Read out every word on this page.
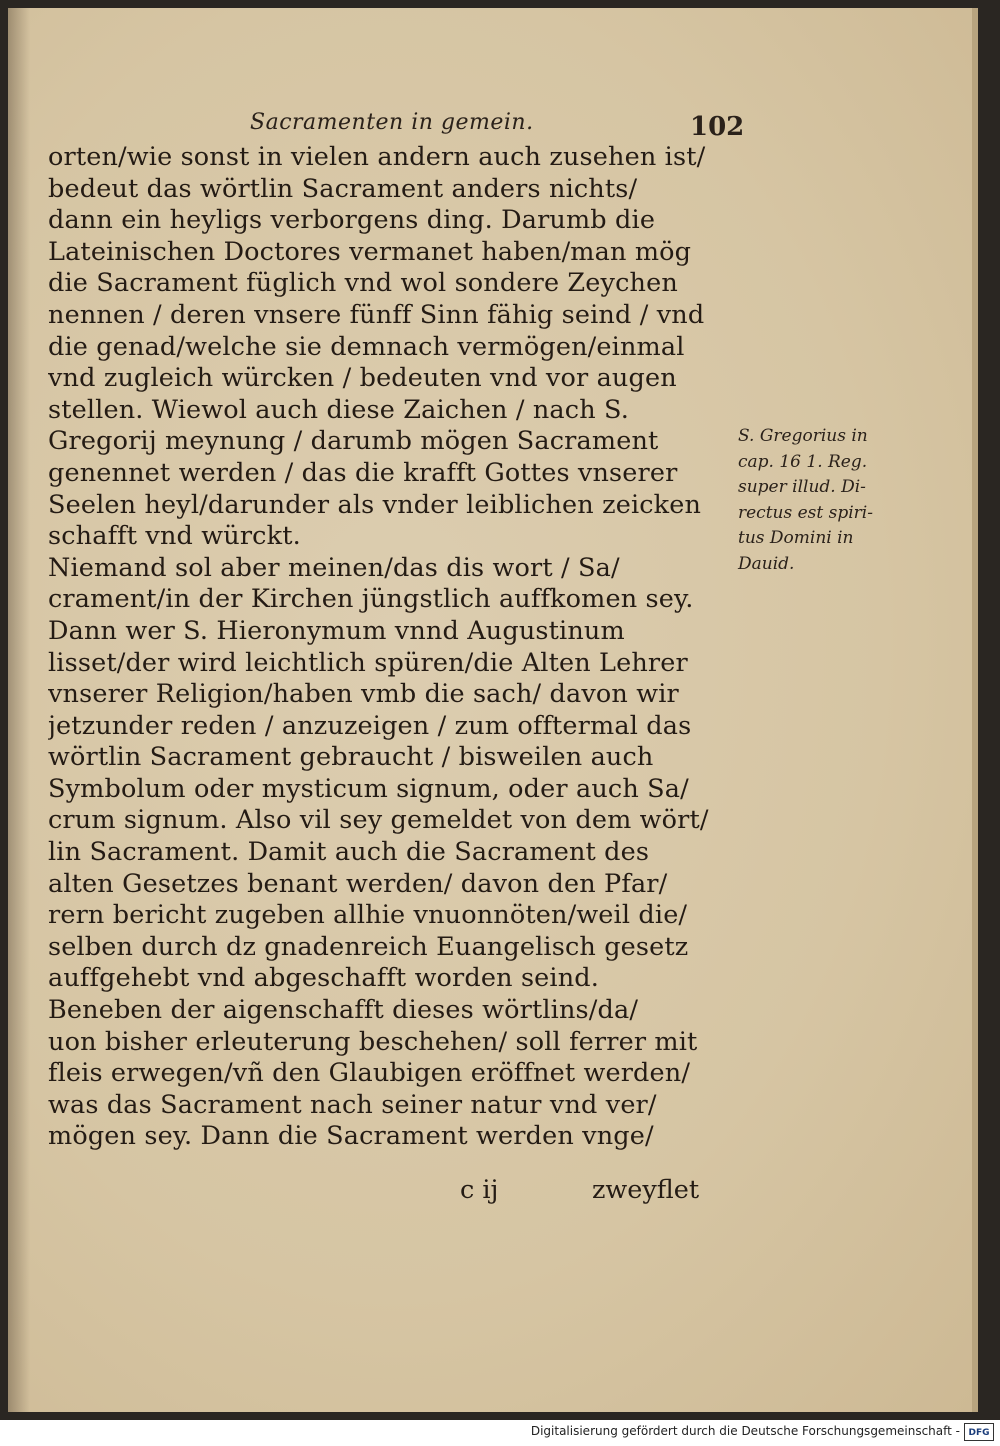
Sacramenten in gemein.	102
orten/wie sonst in vielen andern auch zusehen ist/
bedeut das wörtlin Sacrament anders nichts/
dann ein heyligs verborgens ding. Darumb die
Lateinischen Doctores vermanet haben/man mög
die Sacrament füglich vnd wol sondere Zeychen
nennen / deren vnsere fünff Sinn fähig seind / vnd
die genad/welche sie demnach vermögen/einmal
vnd zugleich würcken / bedeuten vnd vor augen
stellen. Wiewol auch diese Zaichen / nach S.
Gregorij meynung / darumb mögen Sacrament
genennet werden / das die krafft Gottes vnserer
Seelen heyl/darunder als vnder leiblichen zeicken
schafft vnd würckt.
Niemand sol aber meinen/das dis wort / Sa/
crament/in der Kirchen jüngstlich auffkomen sey.
Dann wer S. Hieronymum vnnd Augustinum
lisset/der wird leichtlich spüren/die Alten Lehrer
vnserer Religion/haben vmb die sach/ davon wir
jetzunder reden / anzuzeigen / zum offtermal das
wörtlin Sacrament gebraucht / bisweilen auch
Symbolum oder mysticum signum, oder auch Sa/
crum signum. Also vil sey gemeldet von dem wört/
lin Sacrament. Damit auch die Sacrament des
alten Gesetzes benant werden/ davon den Pfar/
rern bericht zugeben allhie vnuonnöten/weil die/
selben durch dz gnadenreich Euangelisch gesetz
auffgehebt vnd abgeschafft worden seind.
Beneben der aigenschafft dieses wörtlins/da/
uon bisher erleuterung beschehen/ soll ferrer mit
fleis erwegen/vñ den Glaubigen eröffnet werden/
was das Sacrament nach seiner natur vnd ver/
mögen sey. Dann die Sacrament werden vnge/
S. Gregorius in
cap. 16 1. Reg.
super illud. Di-
rectus est spiri-
tus Domini in
Dauid.
c ij	zweyflet
Digitalisierung gefördert durch die Deutsche Forschungsgemeinschaft - DFG
